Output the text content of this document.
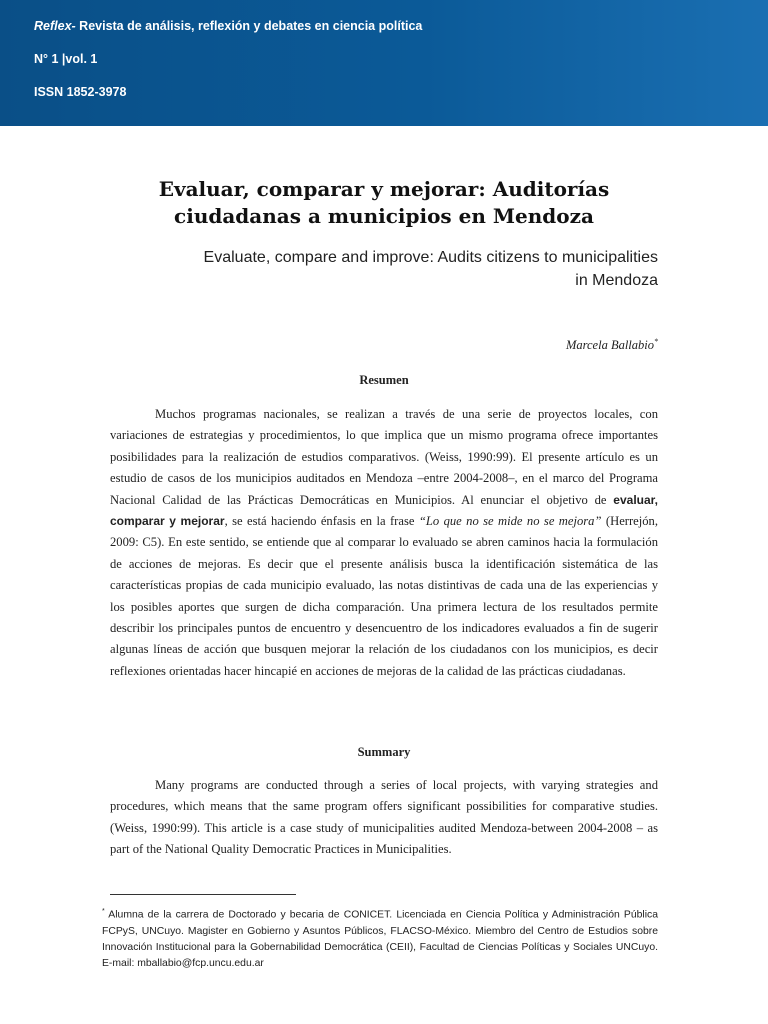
Reflex- Revista de análisis, reflexión y debates en ciencia política
N° 1 |vol. 1
ISSN 1852-3978
Evaluar, comparar y mejorar: Auditorías
ciudadanas a municipios en Mendoza
Evaluate, compare and improve: Audits citizens to municipalities
in Mendoza
Marcela Ballabio*
Resumen

Muchos programas nacionales, se realizan a través de una serie de proyectos locales, con variaciones de estrategias y procedimientos, lo que implica que un mismo programa ofrece importantes posibilidades para la realización de estudios comparativos. (Weiss, 1990:99). El presente artículo es un estudio de casos de los municipios auditados en Mendoza –entre 2004-2008–, en el marco del Programa Nacional Calidad de las Prácticas Democráticas en Municipios. Al enunciar el objetivo de evaluar, comparar y mejorar, se está haciendo énfasis en la frase “Lo que no se mide no se mejora” (Herrejón, 2009: C5). En este sentido, se entiende que al comparar lo evaluado se abren caminos hacia la formulación de acciones de mejoras. Es decir que el presente análisis busca la identificación sistemática de las características propias de cada municipio evaluado, las notas distintivas de cada una de las experiencias y los posibles aportes que surgen de dicha comparación. Una primera lectura de los resultados permite describir los principales puntos de encuentro y desencuentro de los indicadores evaluados a fin de sugerir algunas líneas de acción que busquen mejorar la relación de los ciudadanos con los municipios, es decir reflexiones orientadas hacer hincapié en acciones de mejoras de la calidad de las prácticas ciudadanas.

Summary

Many programs are conducted through a series of local projects, with varying strategies and procedures, which means that the same program offers significant possibilities for comparative studies. (Weiss, 1990:99). This article is a case study of municipalities audited Mendoza-between 2004-2008 – as part of the National Quality Democratic Practices in Municipalities.

* Alumna de la carrera de Doctorado y becaria de CONICET. Licenciada en Ciencia Política y Administración Pública FCPyS, UNCuyo. Magister en Gobierno y Asuntos Públicos, FLACSO-México. Miembro del Centro de Estudios sobre Innovación Institucional para la Gobernabilidad Democrática (CEII), Facultad de Ciencias Políticas y Sociales UNCuyo. E-mail: mballabio@fcp.uncu.edu.ar
